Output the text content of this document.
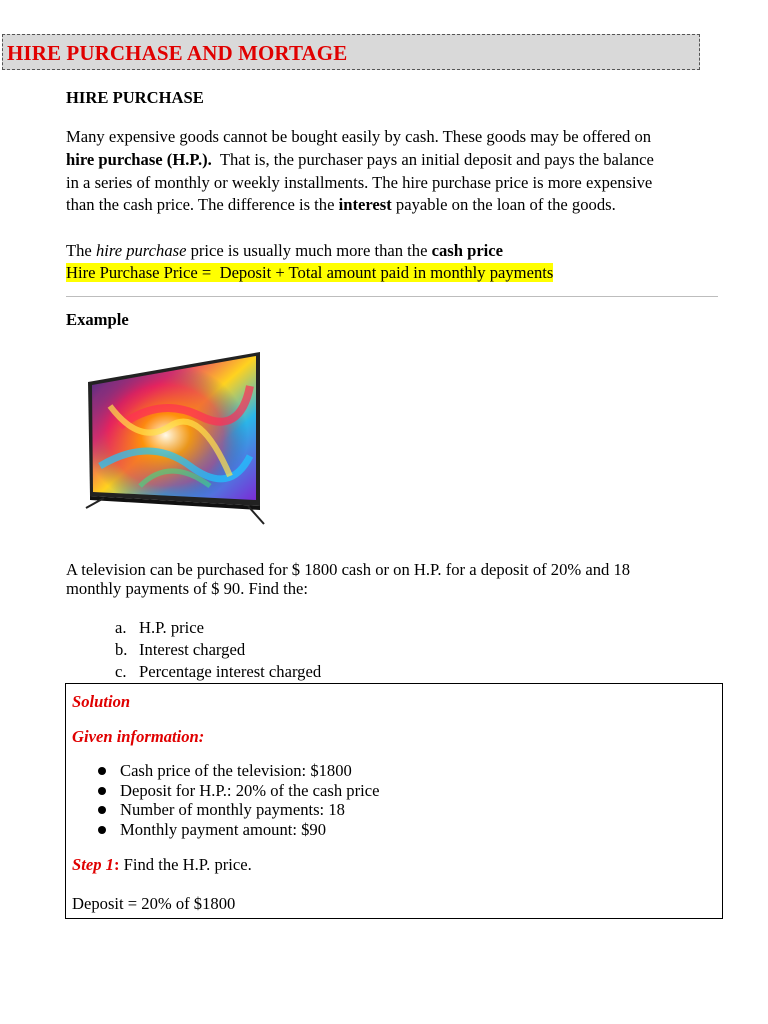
HIRE PURCHASE AND MORTAGE
HIRE PURCHASE
Many expensive goods cannot be bought easily by cash. These goods may be offered on
hire purchase (H.P.).  That is, the purchaser pays an initial deposit and pays the balance
in a series of monthly or weekly installments. The hire purchase price is more expensive
than the cash price. The difference is the interest payable on the loan of the goods.
The hire purchase price is usually much more than the cash price
Hire Purchase Price =  Deposit + Total amount paid in monthly payments
Example
A television can be purchased for $ 1800 cash or on H.P. for a deposit of 20% and 18
monthly payments of $ 90. Find the:
a. H.P. price
b. Interest charged
c. Percentage interest charged
Solution
Given information:
Cash price of the television: $1800
Deposit for H.P.: 20% of the cash price
Number of monthly payments: 18
Monthly payment amount: $90
Step 1: Find the H.P. price.
Deposit = 20% of $1800
